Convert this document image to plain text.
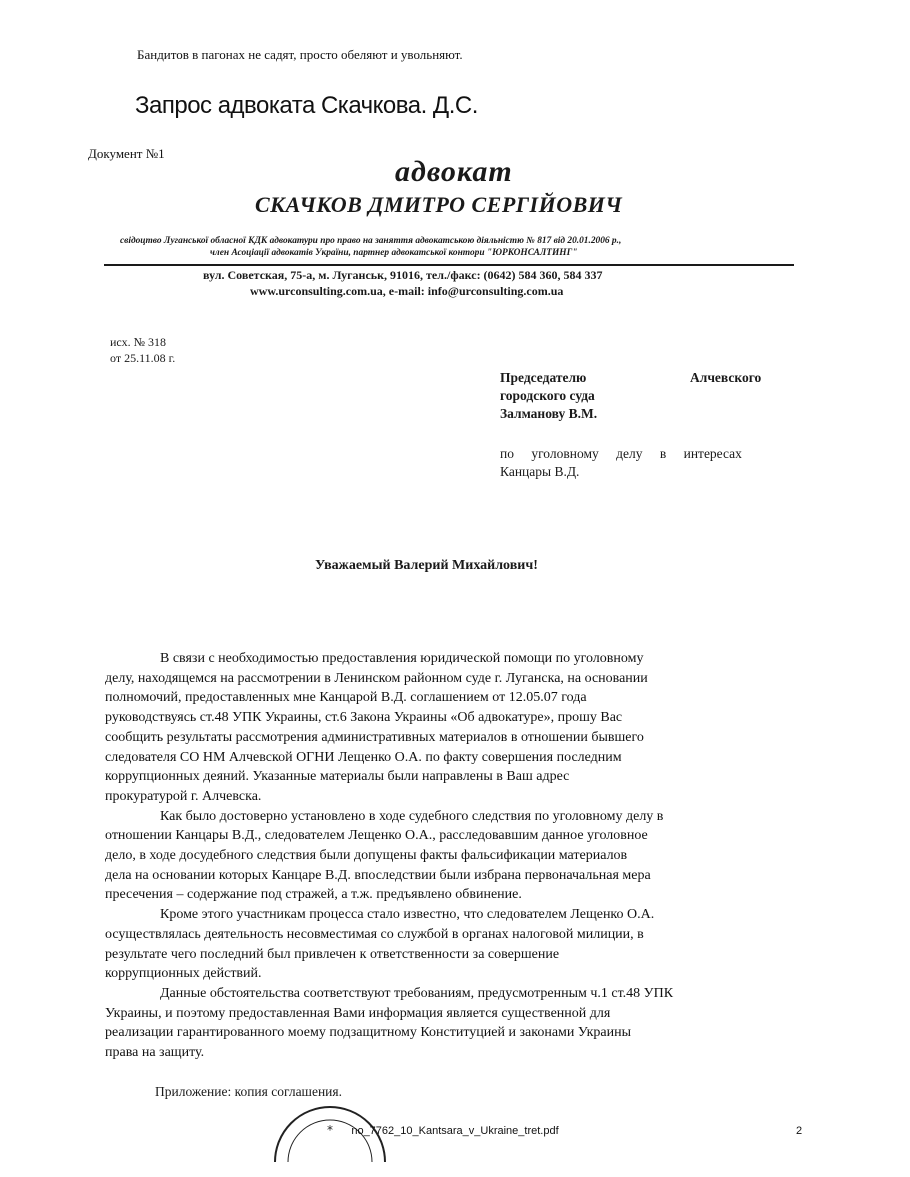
Бандитов в пагонах не садят, просто обеляют и увольняют.
Запрос адвоката Скачкова. Д.С.
Документ №1
адвокат
СКАЧКОВ ДМИТРО СЕРГІЙОВИЧ
свідоцтво Луганської обласної КДК адвокатури про право на заняття адвокатською діяльністю № 817 від 20.01.2006 р.,
член Асоціації адвокатів України, партнер адвокатської контори "ЮРКОНСАЛТИНГ"
вул. Советская, 75-а, м. Луганськ, 91016, тел./факс: (0642) 584 360, 584 337
www.urconsulting.com.ua, e-mail: info@urconsulting.com.ua
исх. № 318
от 25.11.08 г.
Председателю	Алчевского
городского суда
Залманову В.М.
по уголовному делу в интересах
Канцары В.Д.
Уважаемый Валерий Михайлович!
В связи с необходимостью предоставления юридической помощи по уголовному
делу, находящемся на рассмотрении в Ленинском районном суде г. Луганска, на основании
полномочий, предоставленных мне Канцарой В.Д. соглашением от 12.05.07 года
руководствуясь ст.48 УПК Украины, ст.6 Закона Украины «Об адвокатуре», прошу Вас
сообщить результаты рассмотрения административных материалов в отношении бывшего
следователя СО НМ Алчевской ОГНИ Лещенко О.А. по факту совершения последним
коррупционных деяний. Указанные материалы были направлены в Ваш адрес
прокуратурой г. Алчевска.
Как было достоверно установлено в ходе судебного следствия по уголовному делу в
отношении Канцары В.Д., следователем Лещенко О.А., расследовавшим данное уголовное
дело, в ходе досудебного следствия были допущены факты фальсификации материалов
дела на основании которых Канцаре В.Д. впоследствии были избрана первоначальная мера
пресечения – содержание под стражей, а т.ж. предъявлено обвинение.
Кроме этого участникам процесса стало известно, что следователем Лещенко О.А.
осуществлялась деятельность несовместимая со службой в органах налоговой милиции, в
результате чего последний был привлечен к ответственности за совершение
коррупционных действий.
Данные обстоятельства соответствуют требованиям, предусмотренным ч.1 ст.48 УПК
Украины, и поэтому предоставленная Вами информация является существенной для
реализации гарантированного моему подзащитному Конституцией и законами Украины
права на защиту.
Приложение: копия соглашения.
*	no_7762_10_Kantsara_v_Ukraine_tret.pdf	2
